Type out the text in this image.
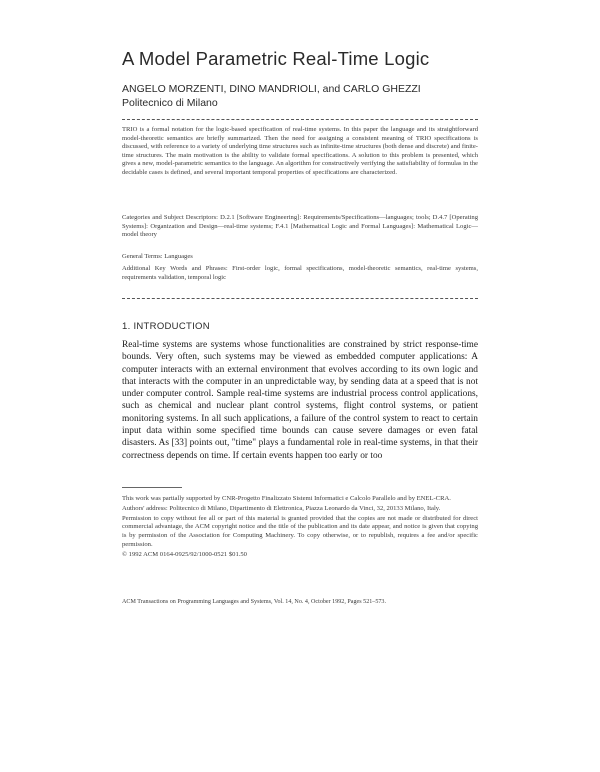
A Model Parametric Real-Time Logic
ANGELO MORZENTI, DINO MANDRIOLI, and CARLO GHEZZI
Politecnico di Milano

TRIO is a formal notation for the logic-based specification of real-time systems. In this paper the language and its straightforward model-theoretic semantics are briefly summarized. Then the need for assigning a consistent meaning of TRIO specifications is discussed, with reference to a variety of underlying time structures such as infinite-time structures (both dense and discrete) and finite-time structures. The main motivation is the ability to validate formal specifications. A solution to this problem is presented, which gives a new, model-parametric semantics to the language. An algorithm for constructively verifying the satisfiability of formulas in the decidable cases is defined, and several important temporal properties of specifications are characterized.

Categories and Subject Descriptors: D.2.1 [Software Engineering]: Requirements/Specifications—languages; tools; D.4.7 [Operating Systems]: Organization and Design—real-time systems; F.4.1 [Mathematical Logic and Formal Languages]: Mathematical Logic—model theory
General Terms: Languages
Additional Key Words and Phrases: First-order logic, formal specifications, model-theoretic semantics, real-time systems, requirements validation, temporal logic
1. INTRODUCTION

Real-time systems are systems whose functionalities are constrained by strict response-time bounds. Very often, such systems may be viewed as embedded computer applications: A computer interacts with an external environment that evolves according to its own logic and that interacts with the computer in an unpredictable way, by sending data at a speed that is not under computer control. Sample real-time systems are industrial process control applications, such as chemical and nuclear plant control systems, flight control systems, or patient monitoring systems. In all such applications, a failure of the control system to react to certain input data within some specified time bounds can cause severe damages or even fatal disasters. As [33] points out, "time" plays a fundamental role in real-time systems, in that their correctness depends on time. If certain events happen too early or too

This work was partially supported by CNR-Progetto Finalizzato Sistemi Informatici e Calcolo Parallelo and by ENEL-CRA.

Authors' address: Politecnico di Milano, Dipartimento di Elettronica, Piazza Leonardo da Vinci, 32, 20133 Milano, Italy.

Permission to copy without fee all or part of this material is granted provided that the copies are not made or distributed for direct commercial advantage, the ACM copyright notice and the title of the publication and its date appear, and notice is given that copying is by permission of the Association for Computing Machinery. To copy otherwise, or to republish, requires a fee and/or specific permission.

© 1992 ACM 0164-0925/92/1000-0521 $01.50

ACM Transactions on Programming Languages and Systems, Vol. 14, No. 4, October 1992, Pages 521–573.
